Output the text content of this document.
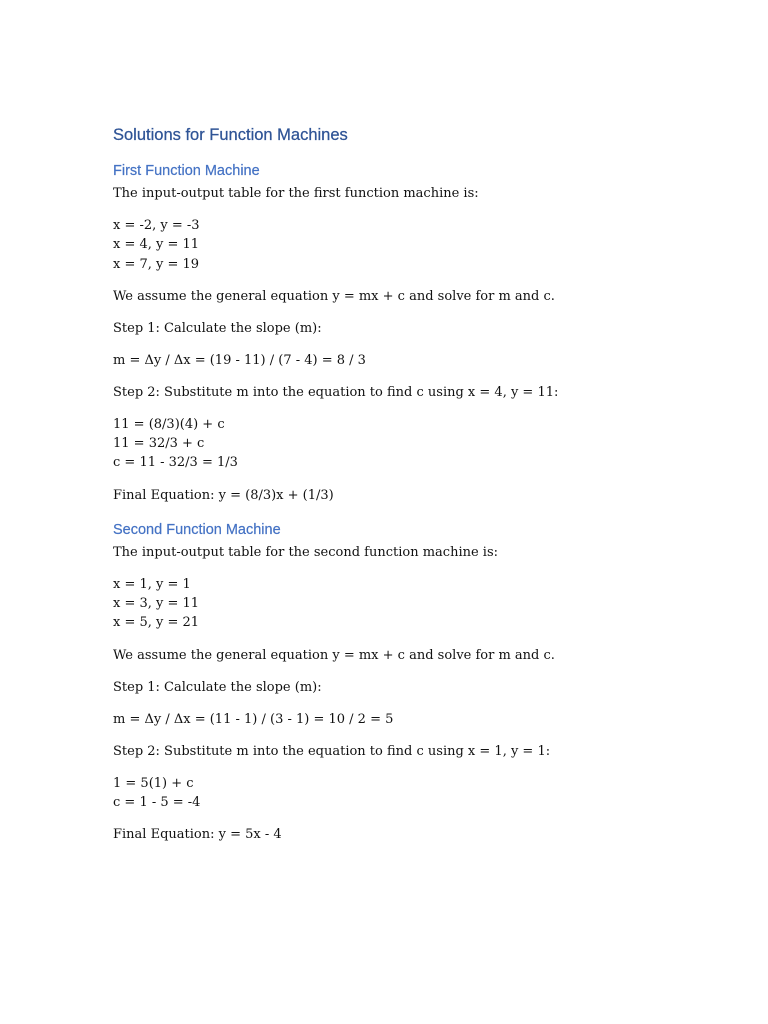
Solutions for Function Machines
First Function Machine

The input-output table for the first function machine is:

x = -2, y = -3
x = 4, y = 11
x = 7, y = 19

We assume the general equation y = mx + c and solve for m and c.

Step 1: Calculate the slope (m):

m = Δy / Δx = (19 - 11) / (7 - 4) = 8 / 3

Step 2: Substitute m into the equation to find c using x = 4, y = 11:

11 = (8/3)(4) + c
11 = 32/3 + c
c = 11 - 32/3 = 1/3

Final Equation: y = (8/3)x + (1/3)

Second Function Machine

The input-output table for the second function machine is:

x = 1, y = 1
x = 3, y = 11
x = 5, y = 21

We assume the general equation y = mx + c and solve for m and c.

Step 1: Calculate the slope (m):

m = Δy / Δx = (11 - 1) / (3 - 1) = 10 / 2 = 5

Step 2: Substitute m into the equation to find c using x = 1, y = 1:

1 = 5(1) + c
c = 1 - 5 = -4

Final Equation: y = 5x - 4
